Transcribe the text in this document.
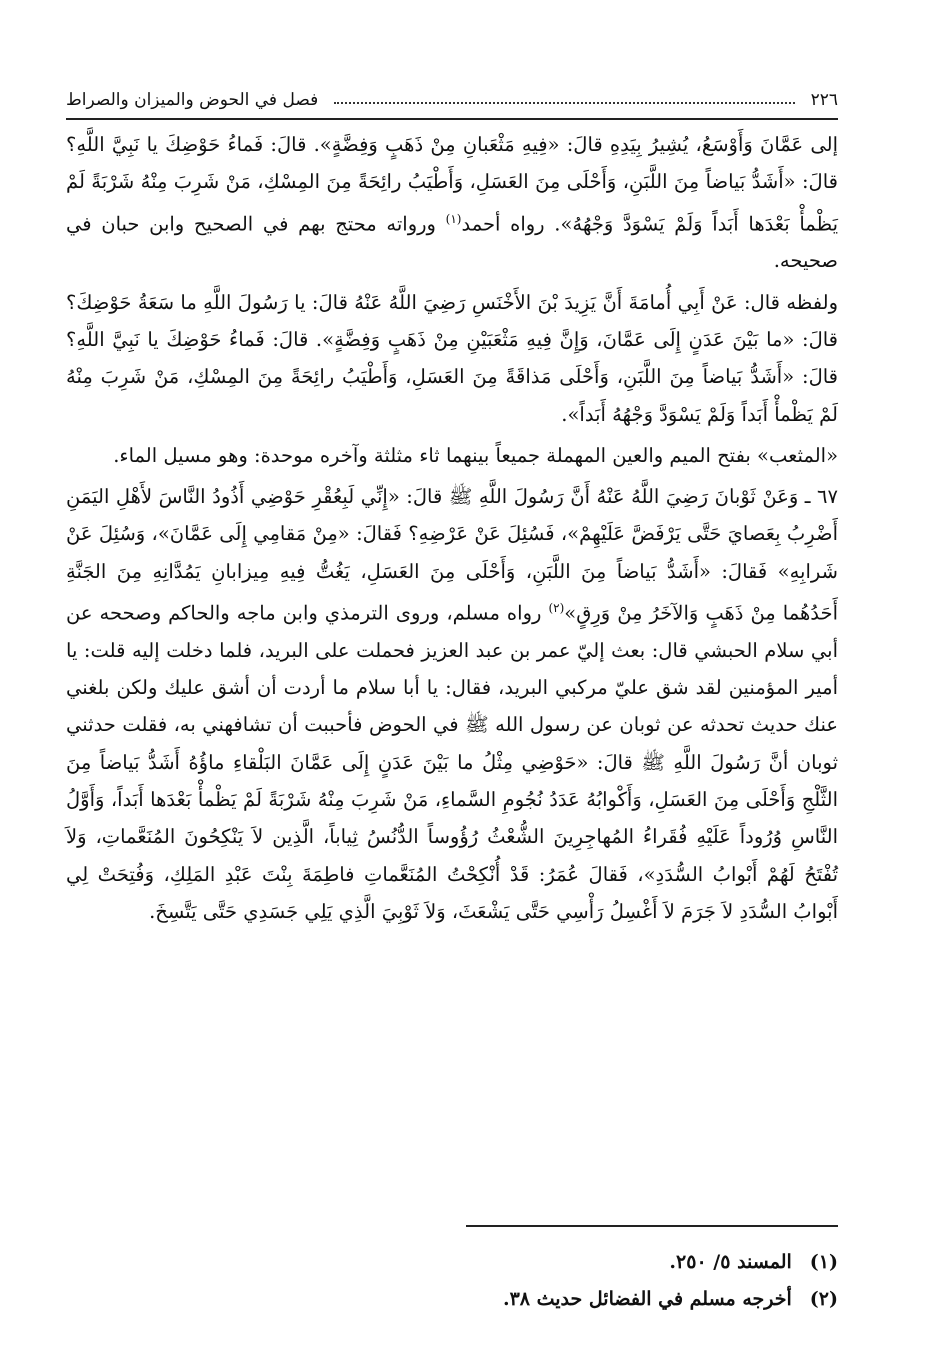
٢٢٦
فصل في الحوض والميزان والصراط

إلى عَمَّانَ وَأَوْسَعُ، يُشِيرُ بِيَدِهِ قالَ: «فِيهِ مَثْعَبانِ مِنْ ذَهَبٍ وَفِضَّةٍ». قالَ: فَماءُ حَوْضِكَ يا نَبِيَّ اللَّهِ؟ قالَ: «أَشَدُّ بَياضاً مِنَ اللَّبَنِ، وَأَحْلَى مِنَ العَسَلِ، وَأَطْيَبُ رائِحَةً مِنَ المِسْكِ، مَنْ شَرِبَ مِنْهُ شَرْبَةً لَمْ يَظْمأْ بَعْدَها أَبَداً وَلَمْ يَسْوَدَّ وَجْهُهُ». رواه أحمد$^{(١)}$ ورواته محتج بهم في الصحيح وابن حبان في صحيحه.

ولفظه قال: عَنْ أَبِي أُمامَةَ أَنَّ يَزِيدَ بْنَ الأَخْنَسِ رَضِيَ اللَّهُ عَنْهُ قالَ: يا رَسُولَ اللَّهِ ما سَعَةُ حَوْضِكَ؟ قالَ: «ما بَيْنَ عَدَنٍ إِلَى عَمَّانَ، وَإِنَّ فِيهِ مَثْعَبَيْنِ مِنْ ذَهَبٍ وَفِضَّةٍ». قالَ: فَماءُ حَوْضِكَ يا نَبِيَّ اللَّهِ؟ قالَ: «أَشَدُّ بَياضاً مِنَ اللَّبَنِ، وَأَحْلَى مَذاقَةً مِنَ العَسَلِ، وَأَطْيَبُ رائِحَةً مِنَ المِسْكِ، مَنْ شَرِبَ مِنْهُ لَمْ يَظْمأْ أَبَداً وَلَمْ يَسْوَدَّ وَجْهُهُ أَبَداً».

«المثعب» بفتح الميم والعين المهملة جميعاً بينهما ثاء مثلثة وآخره موحدة: وهو مسيل الماء.

٦٧ ـ وَعَنْ ثَوْبانَ رَضِيَ اللَّهُ عَنْهُ أَنَّ رَسُولَ اللَّهِ ﷺ قالَ: «إِنِّي لَبِعُقْرِ حَوْضِي أَذُودُ النَّاسَ لأَهْلِ اليَمَنِ أَضْرِبُ بِعَصايَ حَتَّى يَرْفَضَّ عَلَيْهِمْ»، فَسُئِلَ عَنْ عَرْضِهِ؟ فَقالَ: «مِنْ مَقامِي إِلَى عَمَّانَ»، وَسُئِلَ عَنْ شَرابِهِ» فَقالَ: «أَشَدُّ بَياضاً مِنَ اللَّبَنِ، وَأَحْلَى مِنَ العَسَلِ، يَغُتُّ فِيهِ مِيزابانِ يَمُدَّانِهِ مِنَ الجَنَّةِ أَحَدُهُما مِنْ ذَهَبٍ وَالآخَرُ مِنْ وَرِقٍ»$^{(٢)}$ رواه مسلم، وروى الترمذي وابن ماجه والحاكم وصححه عن أبي سلام الحبشي قال: بعث إليّ عمر بن عبد العزيز فحملت على البريد، فلما دخلت إليه قلت: يا أمير المؤمنين لقد شق عليّ مركبي البريد، فقال: يا أبا سلام ما أردت أن أشق عليك ولكن بلغني عنك حديث تحدثه عن ثوبان عن رسول الله ﷺ في الحوض فأحببت أن تشافهني به، فقلت حدثني ثوبان أنَّ رَسُولَ اللَّهِ ﷺ قالَ: «حَوْضِي مِثْلُ ما بَيْنَ عَدَنٍ إِلَى عَمَّانَ البَلْقاءِ ماؤُهُ أَشَدُّ بَياضاً مِنَ الثَّلْجِ وَأَحْلَى مِنَ العَسَلِ، وَأَكْوابُهُ عَدَدُ نُجُومِ السَّماءِ، مَنْ شَرِبَ مِنْهُ شَرْبَةً لَمْ يَظْمأْ بَعْدَها أَبَداً، وَأَوَّلُ النَّاسِ وُرُوداً عَلَيْهِ فُقَراءُ المُهاجِرِينَ الشُّعْثُ رُؤُوساً الدُّنُسُ ثِياباً، الَّذِين لاَ يَنْكِحُونَ المُنَعَّماتِ، وَلاَ تُفْتَحُ لَهُمْ أَبْوابُ السُّدَدِ»، فَقالَ عُمَرُ: قَدْ أُنْكِحْتُ المُنَعَّماتِ فاطِمَةَ بِنْتَ عَبْدِ المَلِكِ، وَفُتِحَتْ لِي أَبْوابُ السُّدَدِ لاَ جَرَمَ لاَ أَغْسِلُ رَأْسِي حَتَّى يَشْعَثَ، وَلاَ ثَوْبِيَ الَّذِي يَلِي جَسَدِي حَتَّى يَتَّسِخَ.

(١)
المسند ٥/ ٢٥٠.
(٢)
أخرجه مسلم في الفضائل حديث ٣٨.
